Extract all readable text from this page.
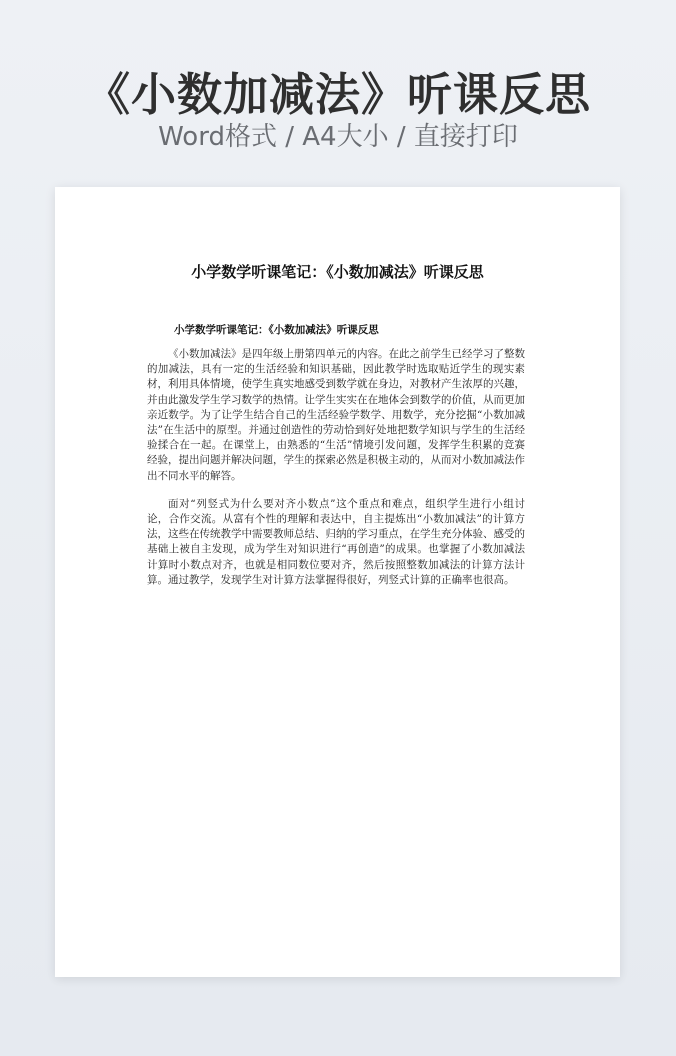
《小数加减法》听课反思
Word格式 / A4大小 / 直接打印
小学数学听课笔记：《小数加减法》听课反思
小学数学听课笔记：《小数加减法》听课反思

《小数加减法》是四年级上册第四单元的内容。在此之前学生已经学习了整数的加减法，具有一定的生活经验和知识基础，因此教学时选取贴近学生的现实素材，利用具体情境，使学生真实地感受到数学就在身边，对教材产生浓厚的兴趣，并由此激发学生学习数学的热情。让学生实实在在地体会到数学的价值，从而更加亲近数学。为了让学生结合自己的生活经验学数学、用数学，充分挖掘“小数加减法”在生活中的原型。并通过创造性的劳动恰到好处地把数学知识与学生的生活经验揉合在一起。在课堂上，由熟悉的“生活”情境引发问题，发挥学生积累的竞赛经验，提出问题并解决问题，学生的探索必然是积极主动的，从而对小数加减法作出不同水平的解答。

面对“列竖式为什么要对齐小数点”这个重点和难点，组织学生进行小组讨论，合作交流。从富有个性的理解和表达中，自主提炼出“小数加减法”的计算方法，这些在传统教学中需要教师总结、归纳的学习重点，在学生充分体验、感受的基础上被自主发现，成为学生对知识进行“再创造”的成果。也掌握了小数加减法计算时小数点对齐，也就是相同数位要对齐，然后按照整数加减法的计算方法计算。通过教学，发现学生对计算方法掌握得很好，列竖式计算的正确率也很高。
